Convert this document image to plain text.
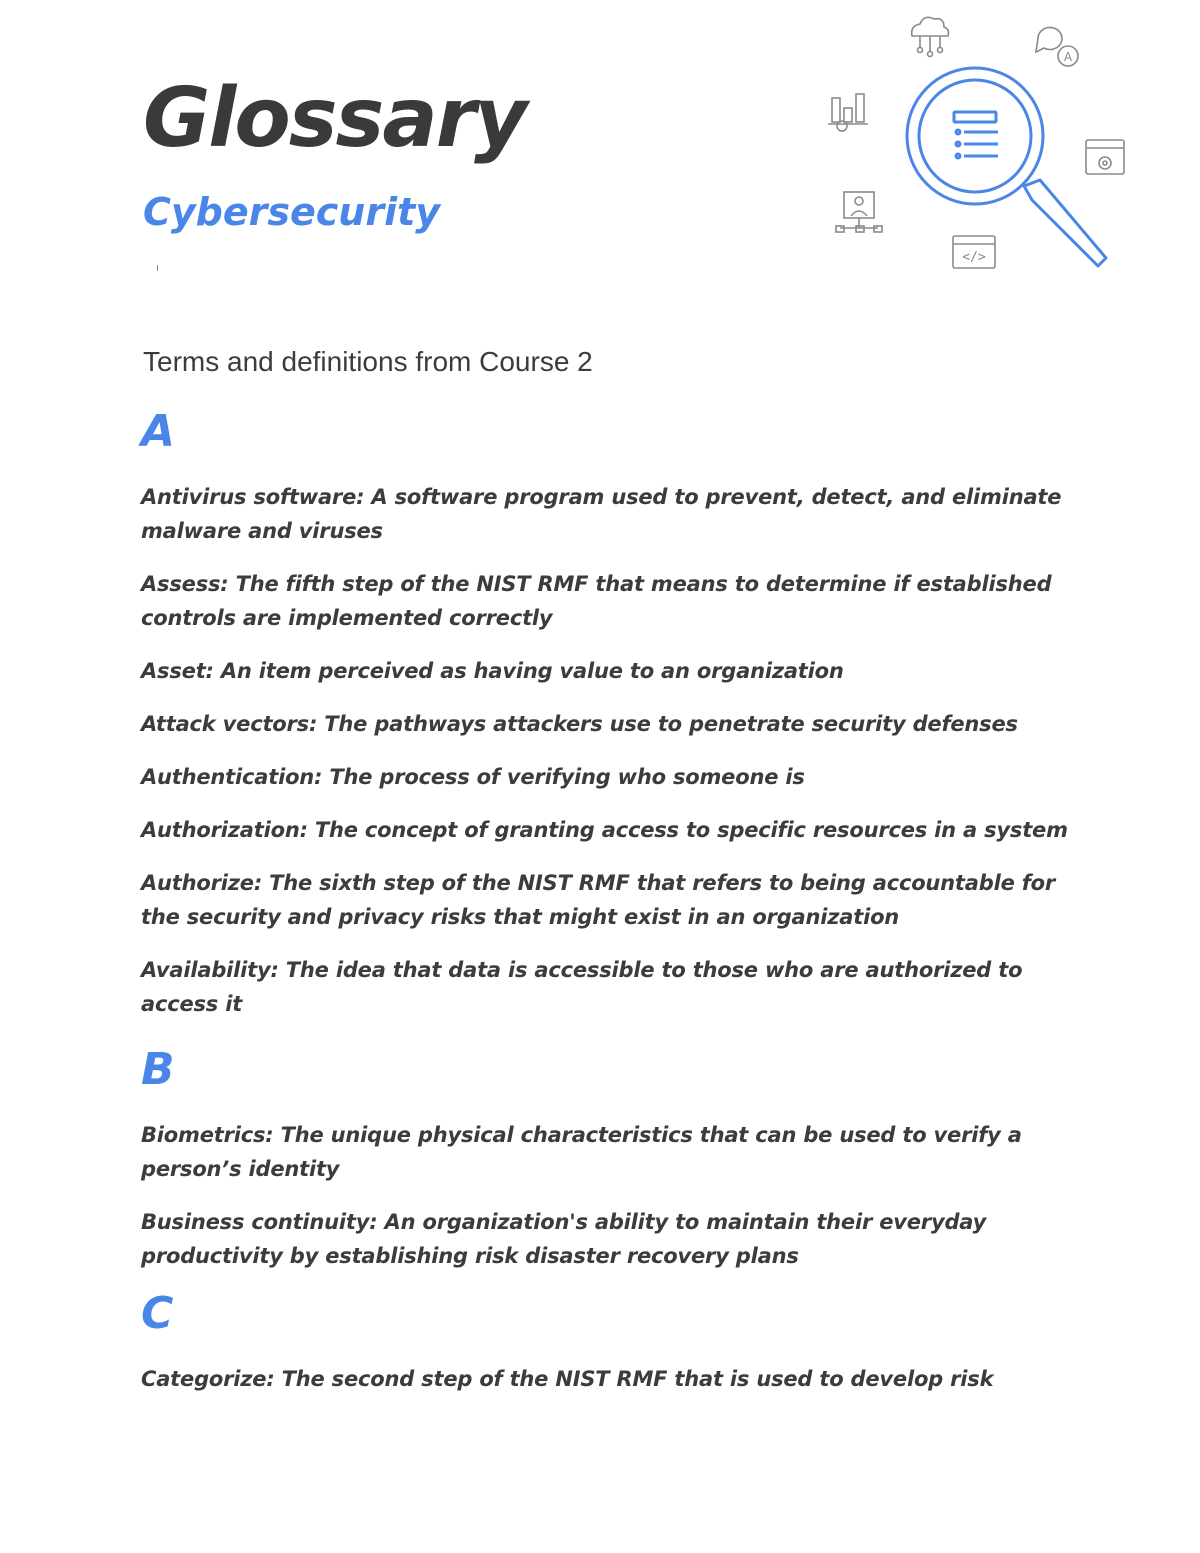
Glossary
Cybersecurity

Terms and definitions from Course 2

A
</>
A
Antivirus software: A software program used to prevent, detect, and eliminate malware and viruses
Assess: The fifth step of the NIST RMF that means to determine if established controls are implemented correctly
Asset: An item perceived as having value to an organization
Attack vectors: The pathways attackers use to penetrate security defenses
Authentication: The process of verifying who someone is
Authorization: The concept of granting access to specific resources in a system
Authorize: The sixth step of the NIST RMF that refers to being accountable for the security and privacy risks that might exist in an organization
Availability: The idea that data is accessible to those who are authorized to access it
B
Biometrics: The unique physical characteristics that can be used to verify a person’s identity
Business continuity: An organization's ability to maintain their everyday productivity by establishing risk disaster recovery plans
C
Categorize: The second step of the NIST RMF that is used to develop risk
